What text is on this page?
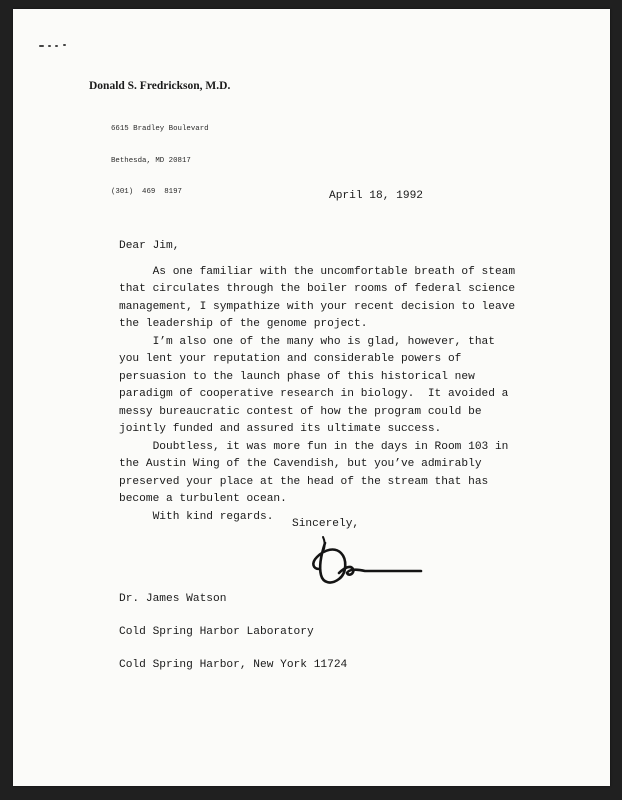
Donald S. Fredrickson, M.D.

6615 Bradley Boulevard

Bethesda, MD 20817

(301)  469  8197

	April 18, 1992

Dear Jim,

As one familiar with the uncomfortable breath of steam

that circulates through the boiler rooms of federal science

management, I sympathize with your recent decision to leave

the leadership of the genome project.

I’m also one of the many who is glad, however, that

you lent your reputation and considerable powers of

persuasion to the launch phase of this historical new

paradigm of cooperative research in biology.  It avoided a

messy bureaucratic contest of how the program could be

jointly funded and assured its ultimate success.

Doubtless, it was more fun in the days in Room 103 in

the Austin Wing of the Cavendish, but you’ve admirably

preserved your place at the head of the stream that has

become a turbulent ocean.

With kind regards.

Sincerely,

Dr. James Watson

Cold Spring Harbor Laboratory

Cold Spring Harbor, New York 11724
